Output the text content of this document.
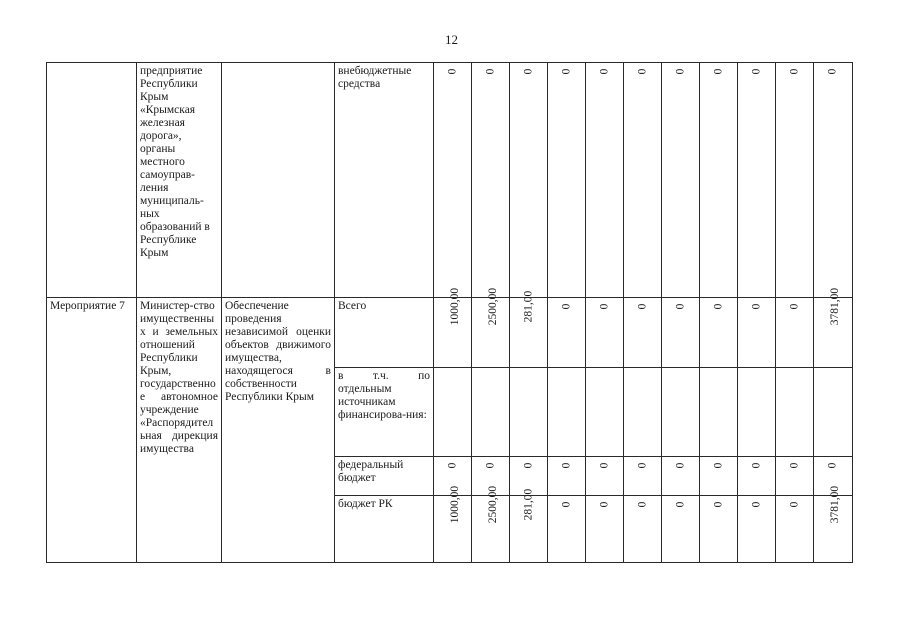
12
	предприятие Республики Крым «Крымская железная дорога», органы местного самоуправ-ления муниципаль-ных образований в Республике Крым		внебюджетные средства	0	0	0	0	0	0	0	0	0	0	0
Мероприятие 7	Министер-ство имущественных и земельных отношений Республики Крым, государственное автономное учреждение «Распорядительная дирекция имущества	Обеспечение проведения независимой оценки объектов движимого имущества, находящегося в собственности Республики Крым	Всего	1000,00	2500,00	281,00	0	0	0	0	0	0	0	3781,00
			в т.ч. по отдельным источникам финансирова-ния:											
			федеральный бюджет	0	0	0	0	0	0	0	0	0	0	0
			бюджет РК	1000,00	2500,00	281,00	0	0	0	0	0	0	0	3781,00
